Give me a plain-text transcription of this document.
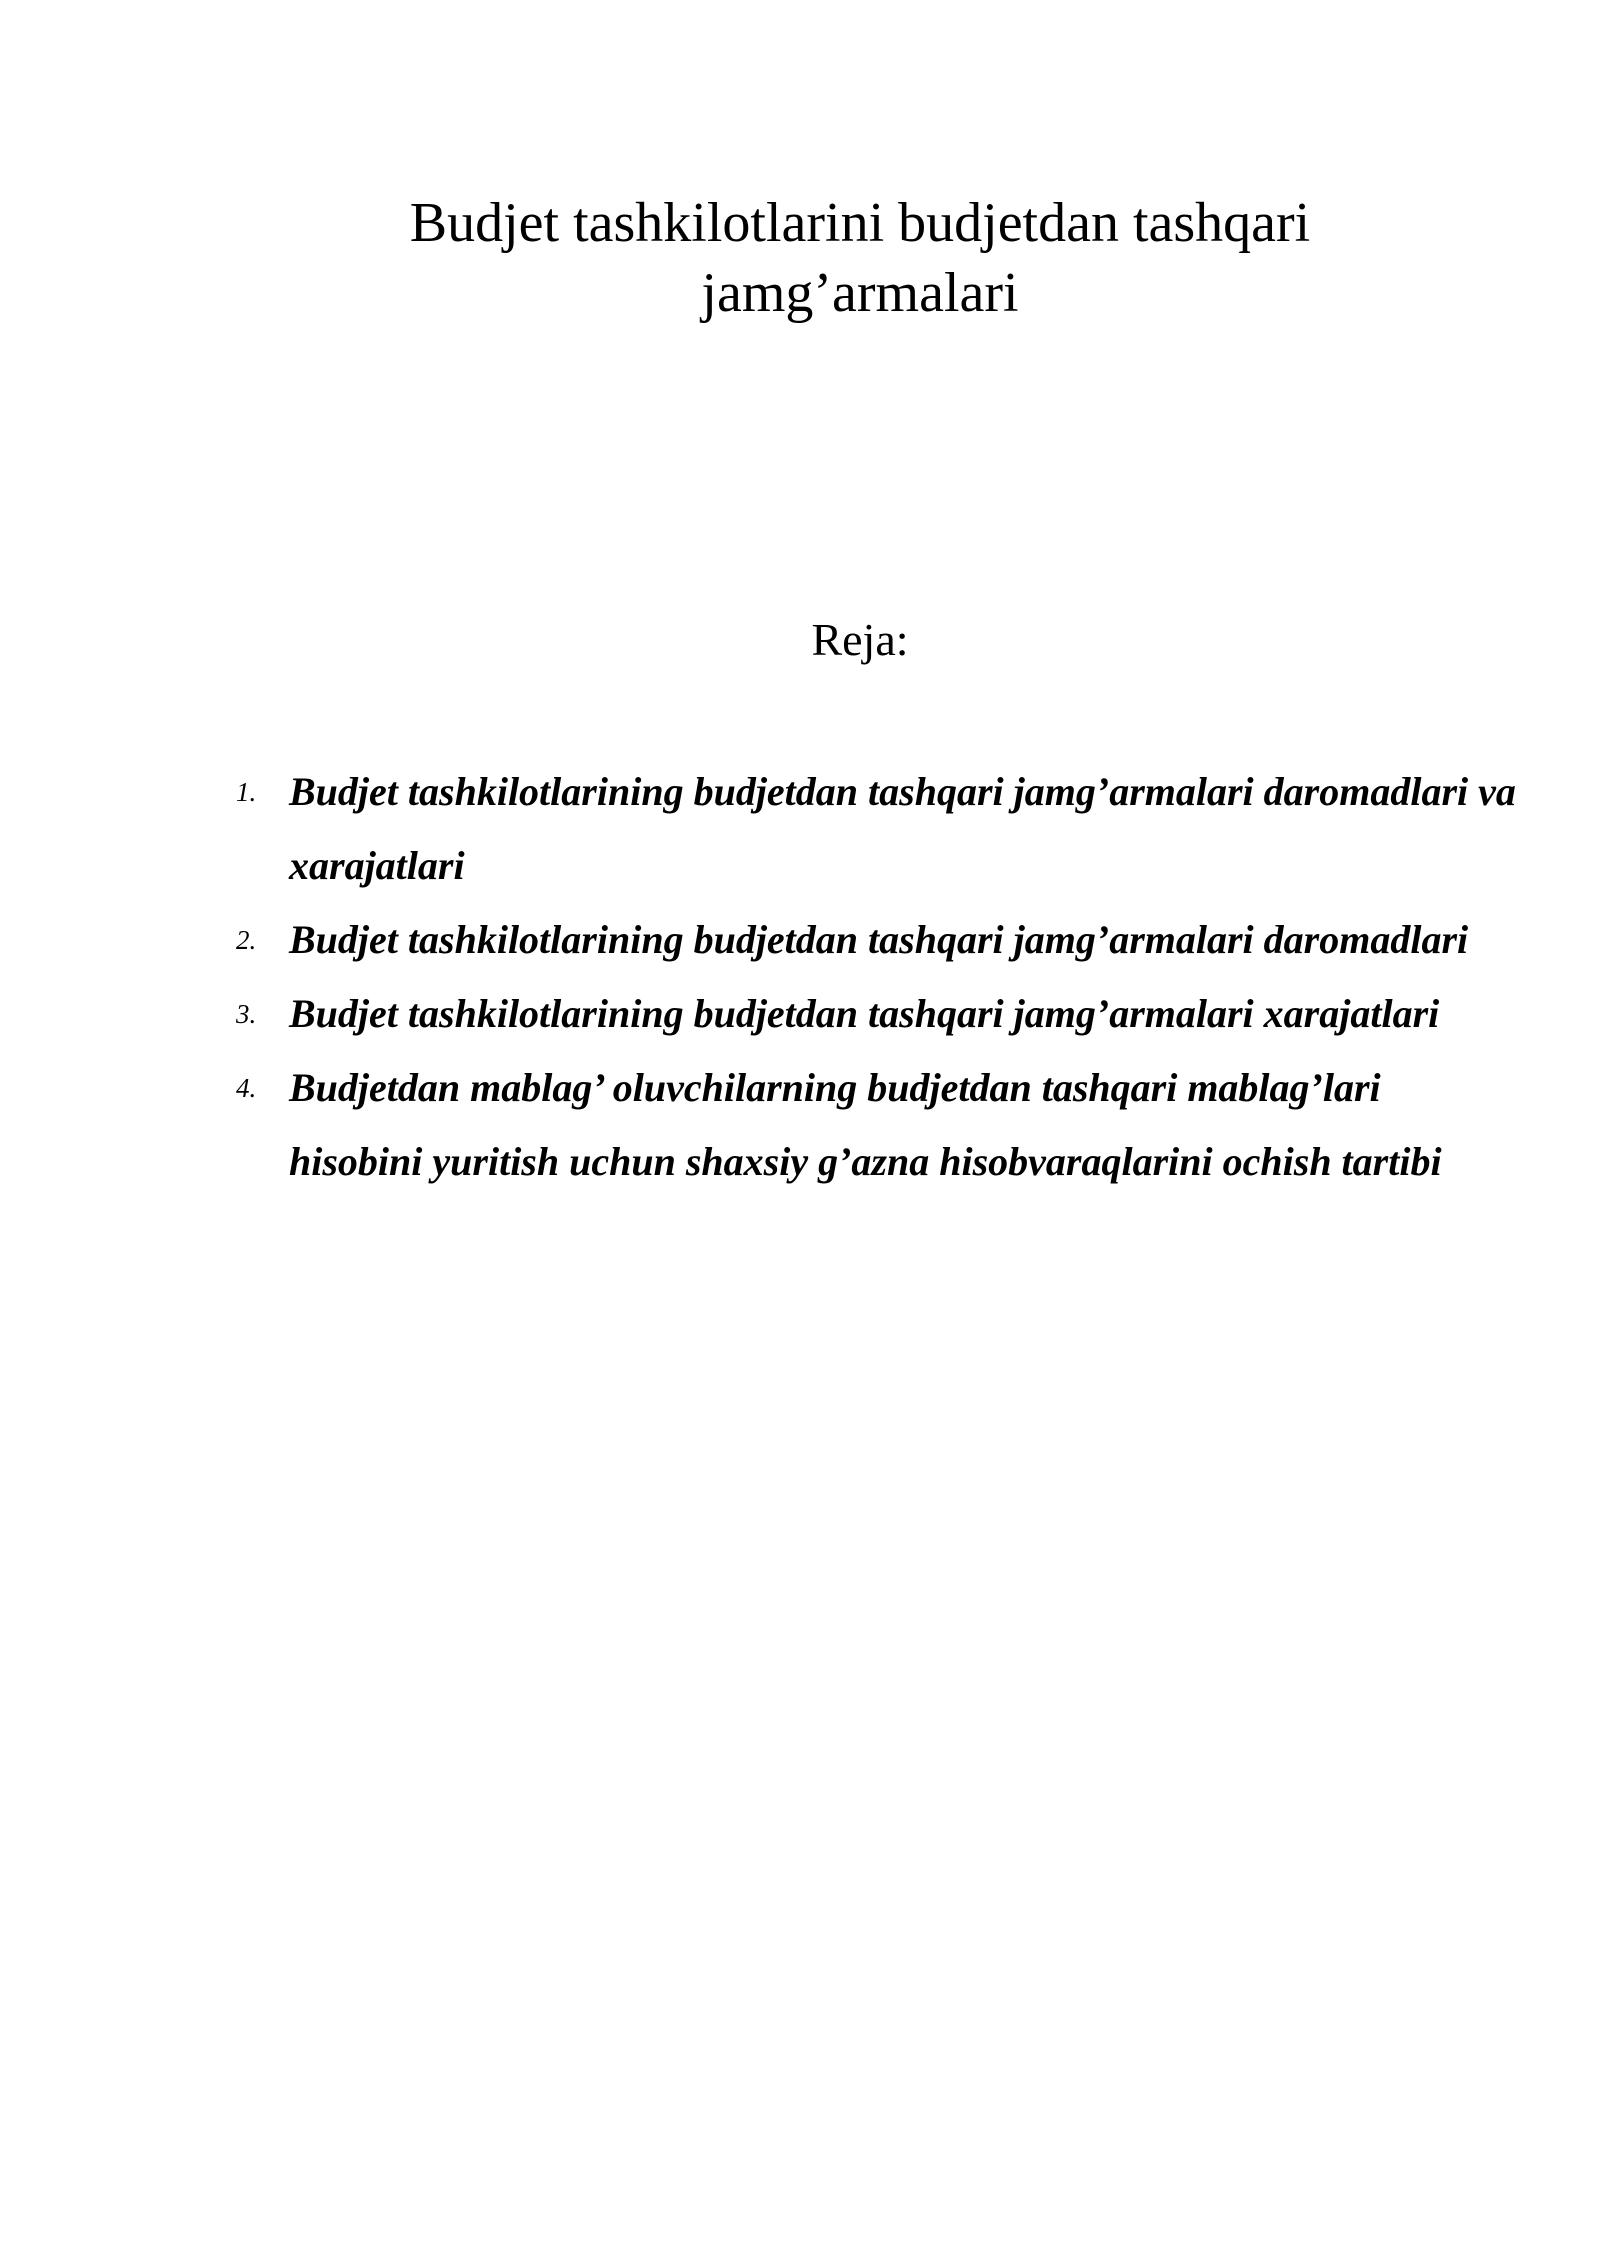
Budjet tashkilotlarini budjetdan tashqari
jamg’armalari
Reja:
1. Budjet tashkilotlarining budjetdan tashqari jamg’armalari daromadlari va xarajatlari
2. Budjet tashkilotlarining budjetdan tashqari jamg’armalari daromadlari
3. Budjet tashkilotlarining budjetdan tashqari jamg’armalari xarajatlari
4. Budjetdan mablag’ oluvchilarning budjetdan tashqari mablag’lari hisobini yuritish uchun shaxsiy g’azna hisobvaraqlarini ochish tartibi
